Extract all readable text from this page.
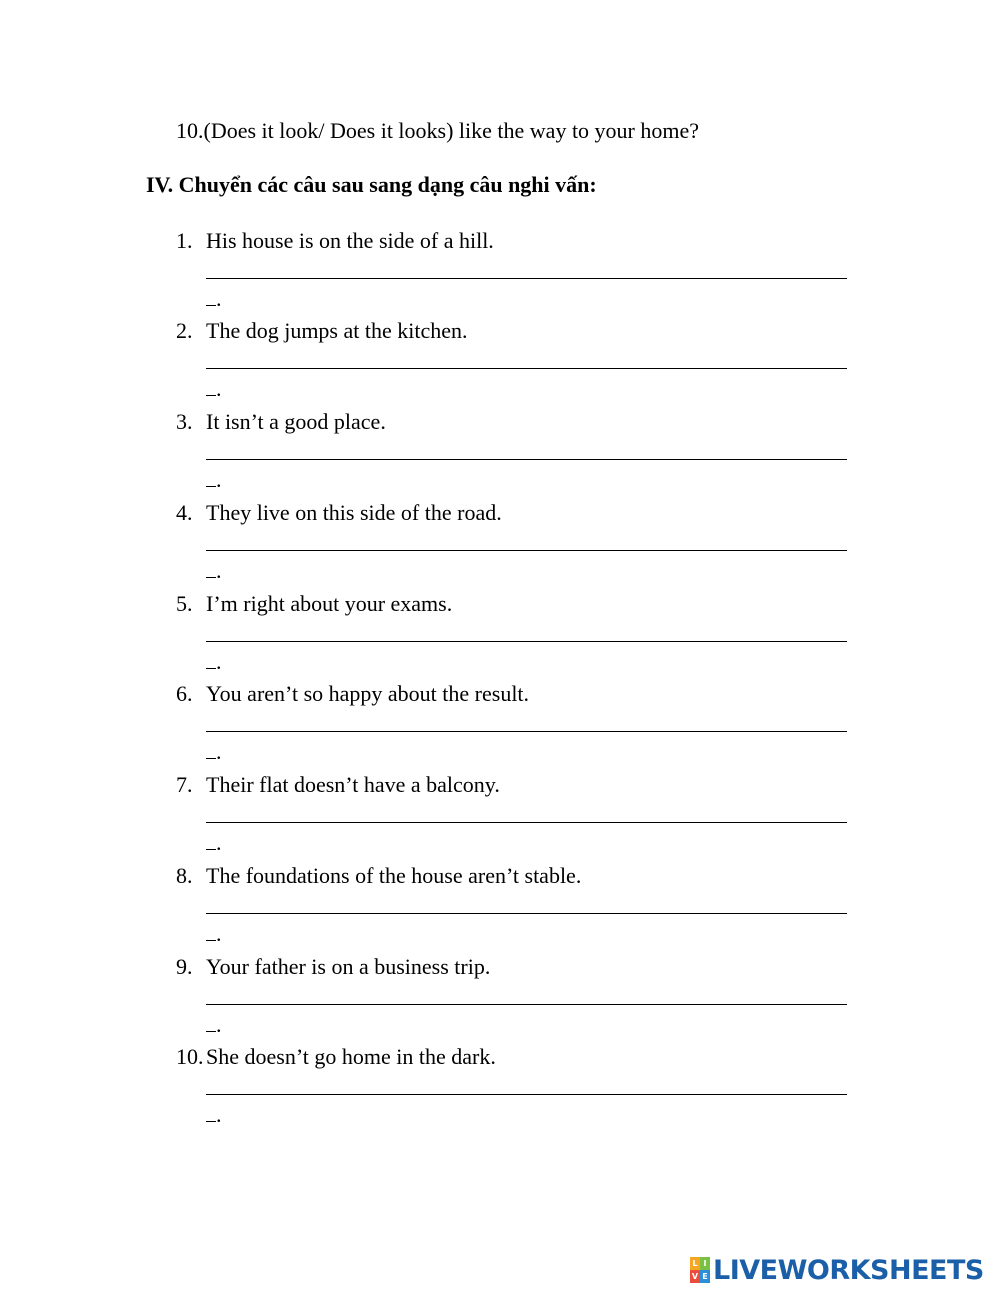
10.(Does it look/ Does it looks) like the way to your home?
IV. Chuyển các câu sau sang dạng câu nghi vấn:
1. His house is on the side of a hill.
.
2. The dog jumps at the kitchen.
.
3. It isn’t a good place.
.
4. They live on this side of the road.
.
5. I’m right about your exams.
.
6. You aren’t so happy about the result.
.
7. Their flat doesn’t have a balcony.
.
8. The foundations of the house aren’t stable.
.
9. Your father is on a business trip.
.
10. She doesn’t go home in the dark.
.
L I
V E LIVEWORKSHEETS
